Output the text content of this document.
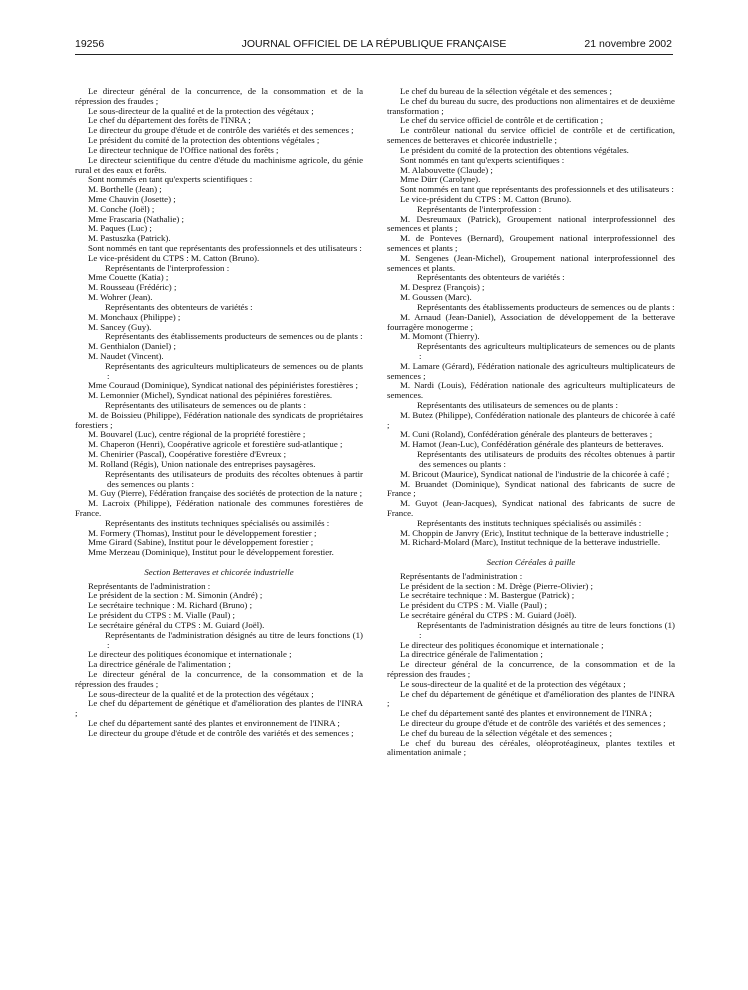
19256	JOURNAL OFFICIEL DE LA RÉPUBLIQUE FRANÇAISE	21 novembre 2002

Le directeur général de la concurrence, de la consommation et de la répression des fraudes ;

Le sous-directeur de la qualité et de la protection des végétaux ;

Le chef du département des forêts de l'INRA ;

Le directeur du groupe d'étude et de contrôle des variétés et des semences ;

Le président du comité de la protection des obtentions végétales ;

Le directeur technique de l'Office national des forêts ;

Le directeur scientifique du centre d'étude du machinisme agricole, du génie rural et des eaux et forêts.

Sont nommés en tant qu'experts scientifiques :

M. Borthelle (Jean) ;

Mme Chauvin (Josette) ;

M. Conche (Joël) ;

Mme Frascaria (Nathalie) ;

M. Paques (Luc) ;

M. Pastuszka (Patrick).

Sont nommés en tant que représentants des professionnels et des utilisateurs :

Le vice-président du CTPS : M. Catton (Bruno).

Représentants de l'interprofession :

Mme Couette (Katia) ;

M. Rousseau (Frédéric) ;

M. Wohrer (Jean).

Représentants des obtenteurs de variétés :

M. Monchaux (Philippe) ;

M. Sancey (Guy).

Représentants des établissements producteurs de semences ou de plants :

M. Genthialon (Daniel) ;

M. Naudet (Vincent).

Représentants des agriculteurs multiplicateurs de semences ou de plants :

Mme Couraud (Dominique), Syndicat national des pépiniéristes forestières ;

M. Lemonnier (Michel), Syndicat national des pépiniéres forestières.

Représentants des utilisateurs de semences ou de plants :

M. de Boissieu (Philippe), Fédération nationale des syndicats de propriétaires forestiers ;

M. Bouvarel (Luc), centre régional de la propriété forestière ;

M. Chaperon (Henri), Coopérative agricole et forestière sud-atlantique ;

M. Chenirier (Pascal), Coopérative forestière d'Evreux ;

M. Rolland (Régis), Union nationale des entreprises paysagères.

Représentants des utilisateurs de produits des récoltes obtenues à partir des semences ou plants :

M. Guy (Pierre), Fédération française des sociétés de protection de la nature ;

M. Lacroix (Philippe), Fédération nationale des communes forestières de France.

Représentants des instituts techniques spécialisés ou assimilés :

M. Formery (Thomas), Institut pour le développement forestier ;

Mme Girard (Sabine), Institut pour le développement forestier ;

Mme Merzeau (Dominique), Institut pour le développement forestier.

Section Betteraves et chicorée industrielle

Représentants de l'administration :

Le président de la section : M. Simonin (André) ;

Le secrétaire technique : M. Richard (Bruno) ;

Le président du CTPS : M. Vialle (Paul) ;

Le secrétaire général du CTPS : M. Guiard (Joël).

Représentants de l'administration désignés au titre de leurs fonctions (1) :

Le directeur des politiques économique et internationale ;

La directrice générale de l'alimentation ;

Le directeur général de la concurrence, de la consommation et de la répression des fraudes ;

Le sous-directeur de la qualité et de la protection des végétaux ;

Le chef du département de génétique et d'amélioration des plantes de l'INRA ;

Le chef du département santé des plantes et environnement de l'INRA ;

Le directeur du groupe d'étude et de contrôle des variétés et des semences ;

Le chef du bureau de la sélection végétale et des semences ;

Le chef du bureau du sucre, des productions non alimentaires et de deuxième transformation ;

Le chef du service officiel de contrôle et de certification ;

Le contrôleur national du service officiel de contrôle et de certification, semences de betteraves et chicorée industrielle ;

Le président du comité de la protection des obtentions végétales.

Sont nommés en tant qu'experts scientifiques :

M. Alabouvette (Claude) ;

Mme Dürr (Carolyne).

Sont nommés en tant que représentants des professionnels et des utilisateurs :

Le vice-président du CTPS : M. Catton (Bruno).

Représentants de l'interprofession :

M. Desreumaux (Patrick), Groupement national interprofessionnel des semences et plants ;

M. de Ponteves (Bernard), Groupement national interprofessionnel des semences et plants ;

M. Sengenes (Jean-Michel), Groupement national interprofessionnel des semences et plants.

Représentants des obtenteurs de variétés :

M. Desprez (François) ;

M. Goussen (Marc).

Représentants des établissements producteurs de semences ou de plants :

M. Arnaud (Jean-Daniel), Association de développement de la betterave fourragère monogerme ;

M. Momont (Thierry).

Représentants des agriculteurs multiplicateurs de semences ou de plants :

M. Lamare (Gérard), Fédération nationale des agriculteurs multiplicateurs de semences ;

M. Nardi (Louis), Fédération nationale des agriculteurs multiplicateurs de semences.

Représentants des utilisateurs de semences ou de plants :

M. Butez (Philippe), Confédération nationale des planteurs de chicorée à café ;

M. Cuni (Roland), Confédération générale des planteurs de betteraves ;

M. Hamot (Jean-Luc), Confédération générale des planteurs de betteraves.

Représentants des utilisateurs de produits des récoltes obtenues à partir des semences ou plants :

M. Bricout (Maurice), Syndicat national de l'industrie de la chicorée à café ;

M. Bruandet (Dominique), Syndicat national des fabricants de sucre de France ;

M. Guyot (Jean-Jacques), Syndicat national des fabricants de sucre de France.

Représentants des instituts techniques spécialisés ou assimilés :

M. Choppin de Janvry (Eric), Institut technique de la betterave industrielle ;

M. Richard-Molard (Marc), Institut technique de la betterave industrielle.

Section Céréales à paille

Représentants de l'administration :

Le président de la section : M. Drège (Pierre-Olivier) ;

Le secrétaire technique : M. Bastergue (Patrick) ;

Le président du CTPS : M. Vialle (Paul) ;

Le secrétaire général du CTPS : M. Guiard (Joël).

Représentants de l'administration désignés au titre de leurs fonctions (1) :

Le directeur des politiques économique et internationale ;

La directrice générale de l'alimentation ;

Le directeur général de la concurrence, de la consommation et de la répression des fraudes ;

Le sous-directeur de la qualité et de la protection des végétaux ;

Le chef du département de génétique et d'amélioration des plantes de l'INRA ;

Le chef du département santé des plantes et environnement de l'INRA ;

Le directeur du groupe d'étude et de contrôle des variétés et des semences ;

Le chef du bureau de la sélection végétale et des semences ;

Le chef du bureau des céréales, oléoprotéagineux, plantes textiles et alimentation animale ;
